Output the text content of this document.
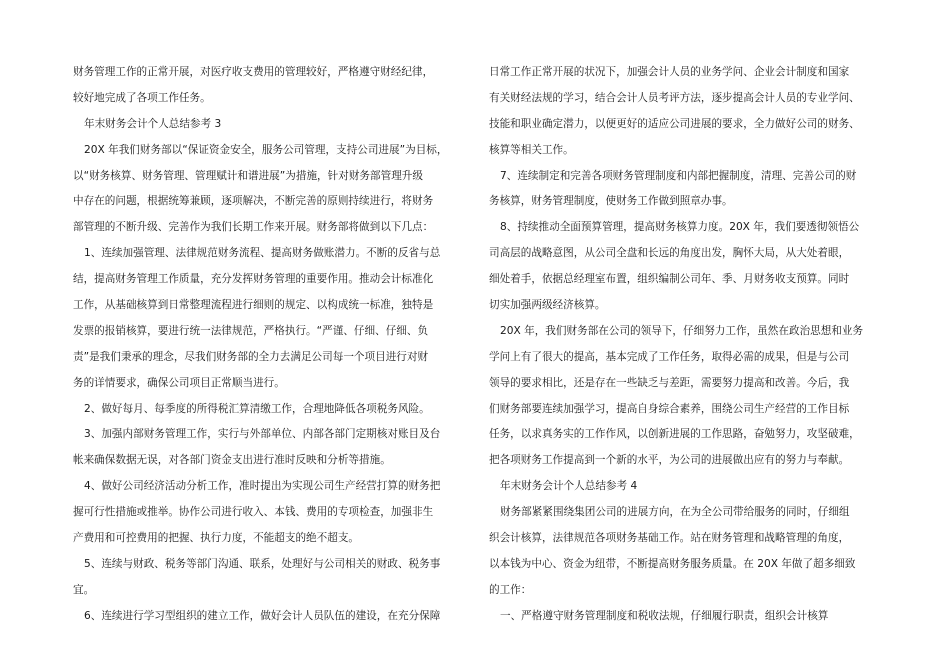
财务管理工作的正常开展，对医疗收支费用的管理较好，严格遵守财经纪律，
较好地完成了各项工作任务。
年末财务会计个人总结参考 3
20X 年我们财务部以“保证资金安全，服务公司管理，支持公司进展”为目标，
以“财务核算、财务管理、管理赋计和谱进展”为措施，针对财务部管理升级
中存在的问题，根据统筹兼顾，逐项解决，不断完善的原则持续进行，将财务
部管理的不断升级、完善作为我们长期工作来开展。财务部将做到以下几点：
1、连续加强管理、法律规范财务流程、提高财务做账潜力。不断的反省与总
结，提高财务管理工作质量，充分发挥财务管理的重要作用。推动会计标准化
工作，从基础核算到日常整理流程进行细则的规定、以构成统一标准，独特是
发票的报销核算，要进行统一法律规范，严格执行。“严谨、仔细、仔细、负
责”是我们秉承的理念，尽我们财务部的全力去满足公司每一个项目进行对财
务的详情要求，确保公司项目正常顺当进行。
2、做好每月、每季度的所得税汇算清缴工作，合理地降低各项税务风险。
3、加强内部财务管理工作，实行与外部单位、内部各部门定期核对账目及台
帐来确保数据无误，对各部门资金支出进行准时反映和分析等措施。
4、做好公司经济活动分析工作，准时提出为实现公司生产经营打算的财务把
握可行性措施或推举。协作公司进行收入、本钱、费用的专项检查，加强非生
产费用和可控费用的把握、执行力度，不能超支的绝不超支。
5、连续与财政、税务等部门沟通、联系，处理好与公司相关的财政、税务事
宜。
6、连续进行学习型组织的建立工作，做好会计人员队伍的建设，在充分保障
日常工作正常开展的状况下，加强会计人员的业务学问、企业会计制度和国家
有关财经法规的学习，结合会计人员考评方法，逐步提高会计人员的专业学问、
技能和职业确定潜力，以便更好的适应公司进展的要求，全力做好公司的财务、
核算等相关工作。
7、连续制定和完善各项财务管理制度和内部把握制度，清理、完善公司的财
务核算，财务管理制度，使财务工作做到照章办事。
8、持续推动全面预算管理，提高财务核算力度。20X 年，我们要透彻领悟公
司高层的战略意图，从公司全盘和长远的角度出发，胸怀大局，从大处着眼，
细处着手，依据总经理室布置，组织编制公司年、季、月财务收支预算。同时
切实加强两级经济核算。
20X 年，我们财务部在公司的领导下，仔细努力工作，虽然在政治思想和业务
学问上有了很大的提高，基本完成了工作任务，取得必需的成果，但是与公司
领导的要求相比，还是存在一些缺乏与差距，需要努力提高和改善。今后，我
们财务部要连续加强学习，提高自身综合素养，围绕公司生产经营的工作目标
任务，以求真务实的工作作风，以创新进展的工作思路，奋勉努力，攻坚破难，
把各项财务工作提高到一个新的水平，为公司的进展做出应有的努力与奉献。
年末财务会计个人总结参考 4
财务部紧紧围绕集团公司的进展方向，在为全公司带给服务的同时，仔细组
织会计核算，法律规范各项财务基础工作。站在财务管理和战略管理的角度，
以本钱为中心、资金为纽带，不断提高财务服务质量。在 20X 年做了超多细致
的工作：
一、严格遵守财务管理制度和税收法规，仔细履行职责，组织会计核算
